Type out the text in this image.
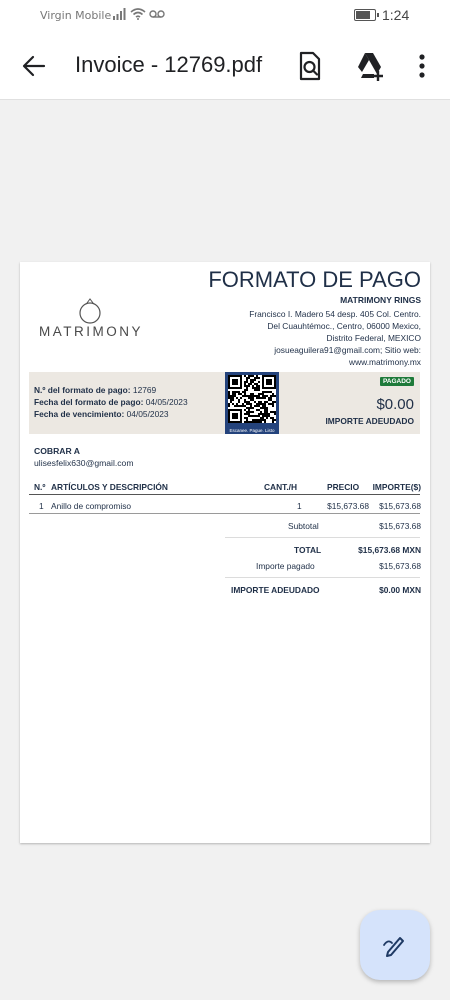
Virgin Mobile	1:24
Invoice - 12769.pdf
FORMATO DE PAGO
MATRIMONY
MATRIMONY RINGS
Francisco I. Madero 54 desp. 405 Col. Centro.
Del Cuauhtémoc., Centro, 06000 Mexico,
Distrito Federal, MEXICO
josueaguilera91@gmail.com; Sitio web:
www.matrimony.mx
N.º del formato de pago: 12769
Fecha del formato de pago: 04/05/2023
Fecha de vencimiento: 04/05/2023
Escanee. Pague. Listo
PAGADO
$0.00
IMPORTE ADEUDADO
COBRAR A
ulisesfelix630@gmail.com
N.º ARTÍCULOS Y DESCRIPCIÓN	CANT./H	PRECIO IMPORTE($)
1 Anillo de compromiso	1	$15,673.68 $15,673.68
Subtotal	$15,673.68
TOTAL	$15,673.68 MXN
Importe pagado	$15,673.68
IMPORTE ADEUDADO	$0.00 MXN
